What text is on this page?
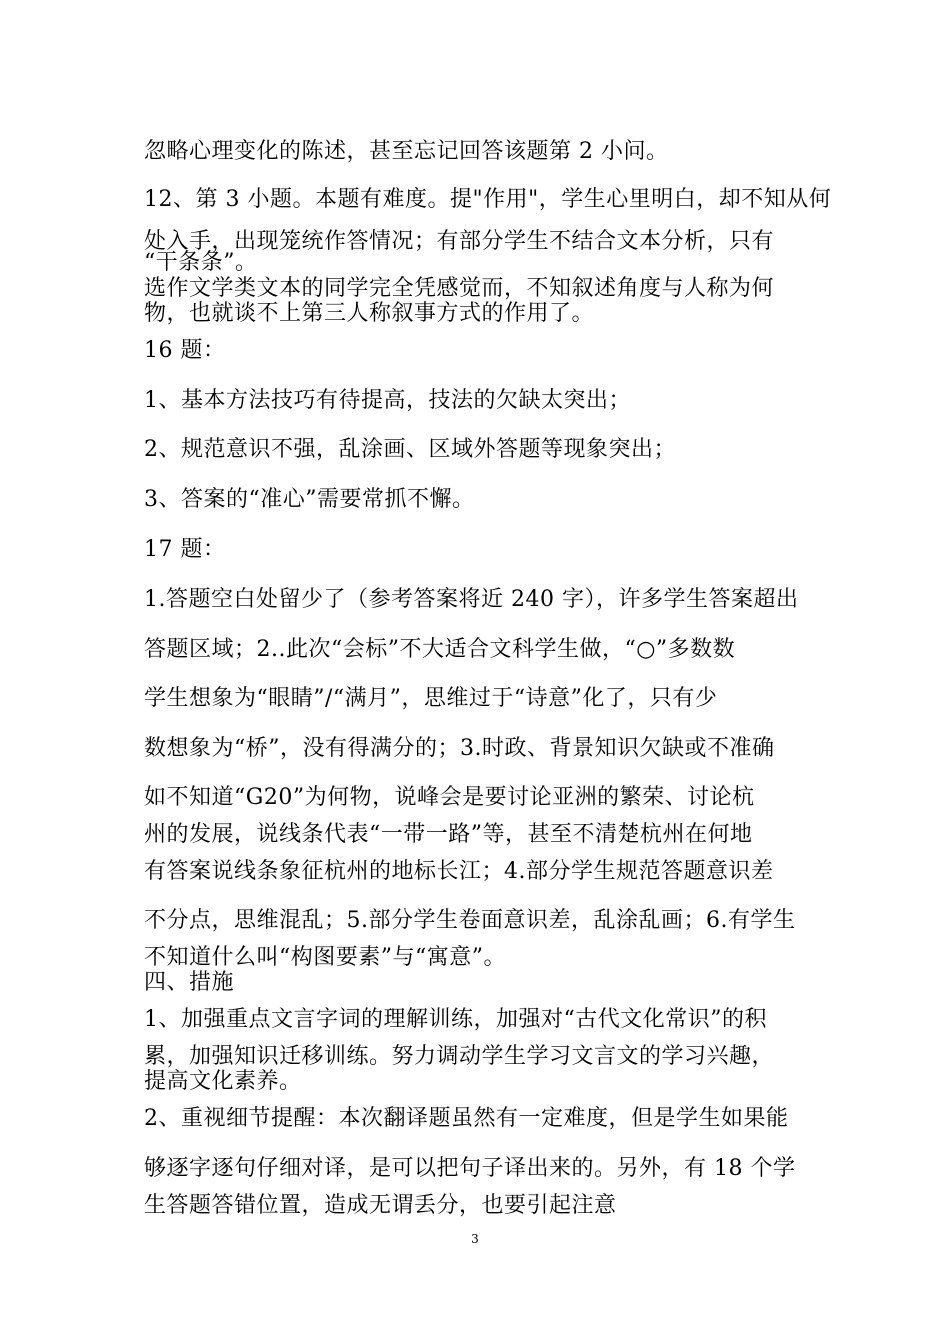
忽略心理变化的陈述，甚至忘记回答该题第 2 小问。
12、第 3 小题。本题有难度。提"作用"，学生心里明白，却不知从何
处入手，出现笼统作答情况；有部分学生不结合文本分析，只有
“干条条”。
选作文学类文本的同学完全凭感觉而，不知叙述角度与人称为何
物，也就谈不上第三人称叙事方式的作用了。
16 题：
1、基本方法技巧有待提高，技法的欠缺太突出；
2、规范意识不强，乱涂画、区域外答题等现象突出；
3、答案的“准心”需要常抓不懈。
17 题：
1.答题空白处留少了（参考答案将近 240 字），许多学生答案超出
答题区域；2..此次“会标”不大适合文科学生做，“○”多数数
学生想象为“眼睛”/“满月”，思维过于“诗意”化了，只有少
数想象为“桥”，没有得满分的；3.时政、背景知识欠缺或不准确
如不知道“G20”为何物，说峰会是要讨论亚洲的繁荣、讨论杭
州的发展，说线条代表“一带一路”等，甚至不清楚杭州在何地
有答案说线条象征杭州的地标长江；4.部分学生规范答题意识差
不分点，思维混乱；5.部分学生卷面意识差，乱涂乱画；6.有学生
不知道什么叫“构图要素”与“寓意”。
四、措施
1、加强重点文言字词的理解训练，加强对“古代文化常识”的积
累，加强知识迁移训练。努力调动学生学习文言文的学习兴趣，
提高文化素养。
2、重视细节提醒：本次翻译题虽然有一定难度，但是学生如果能
够逐字逐句仔细对译，是可以把句子译出来的。另外，有 18 个学
生答题答错位置，造成无谓丢分，也要引起注意
3
